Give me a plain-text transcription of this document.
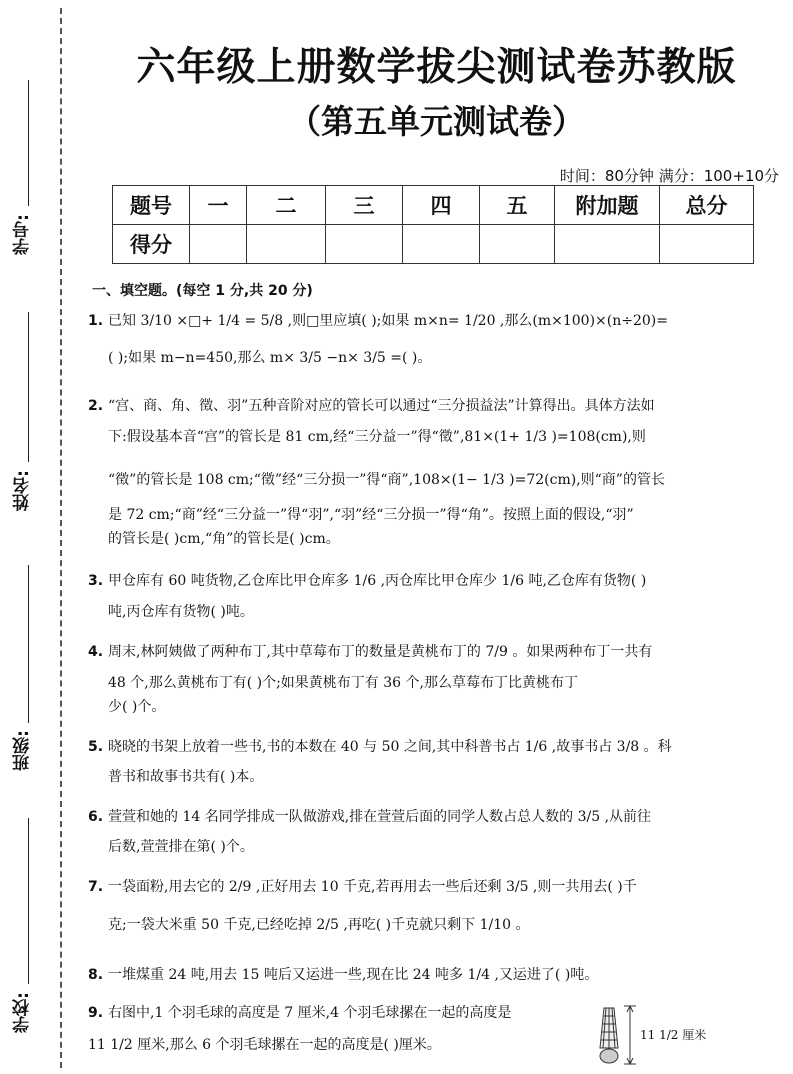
学号:
姓名:
班级:
学校:
六年级上册数学拔尖测试卷苏教版
（第五单元测试卷）
时间：80分钟 满分：100+10分
题号	一	二	三	四	五	附加题	总分
得分							
一、填空题。(每空 1 分,共 20 分)
1. 已知 3/10 ×□+ 1/4 = 5/8 ,则□里应填( );如果 m×n= 1/20 ,那么(m×100)×(n÷20)=
( );如果 m−n=450,那么 m× 3/5 −n× 3/5 =( )。
2. “宫、商、角、徵、羽”五种音阶对应的管长可以通过“三分损益法”计算得出。具体方法如
下:假设基本音“宫”的管长是 81 cm,经“三分益一”得“徵”,81×(1+ 1/3 )=108(cm),则
“徵”的管长是 108 cm;“徵”经“三分损一”得“商”,108×(1− 1/3 )=72(cm),则“商”的管长
是 72 cm;“商”经“三分益一”得“羽”,“羽”经“三分损一”得“角”。按照上面的假设,“羽”
的管长是( )cm,“角”的管长是( )cm。
3. 甲仓库有 60 吨货物,乙仓库比甲仓库多 1/6 ,丙仓库比甲仓库少 1/6 吨,乙仓库有货物( )
吨,丙仓库有货物( )吨。
4. 周末,林阿姨做了两种布丁,其中草莓布丁的数量是黄桃布丁的 7/9 。如果两种布丁一共有
48 个,那么黄桃布丁有( )个;如果黄桃布丁有 36 个,那么草莓布丁比黄桃布丁
少( )个。
5. 晓晓的书架上放着一些书,书的本数在 40 与 50 之间,其中科普书占 1/6 ,故事书占 3/8 。科
普书和故事书共有( )本。
6. 萱萱和她的 14 名同学排成一队做游戏,排在萱萱后面的同学人数占总人数的 3/5 ,从前往
后数,萱萱排在第( )个。
7. 一袋面粉,用去它的 2/9 ,正好用去 10 千克,若再用去一些后还剩 3/5 ,则一共用去( )千
克;一袋大米重 50 千克,已经吃掉 2/5 ,再吃( )千克就只剩下 1/10 。
8. 一堆煤重 24 吨,用去 15 吨后又运进一些,现在比 24 吨多 1/4 ,又运进了( )吨。
9. 右图中,1 个羽毛球的高度是 7 厘米,4 个羽毛球摞在一起的高度是
11 1/2 厘米,那么 6 个羽毛球摞在一起的高度是( )厘米。
11 1/2 厘米
